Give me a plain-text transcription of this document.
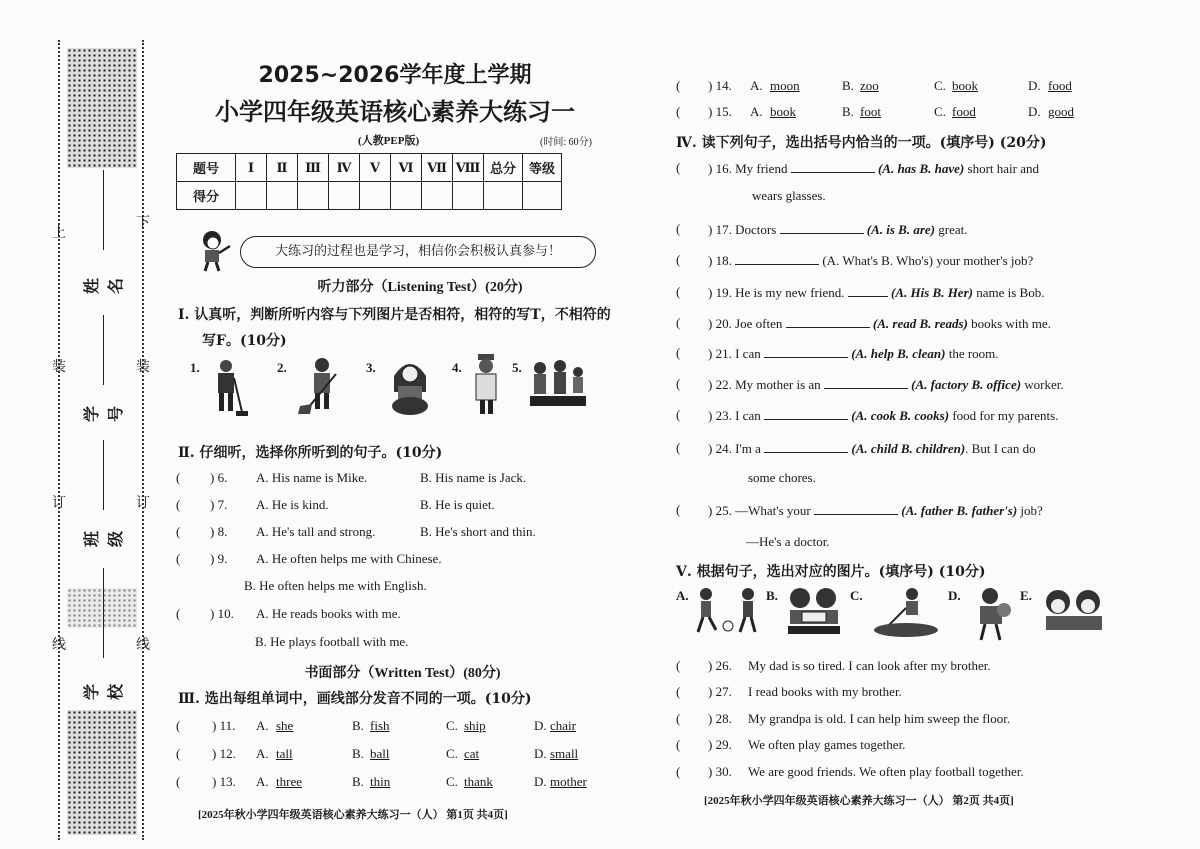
姓名
学号
班级
学校
上
下
装	装
订	订
线	线
2025~2026学年度上学期
小学四年级英语核心素养大练习一
(人教PEP版)	(时间: 60分)
题号	Ⅰ	Ⅱ	Ⅲ	Ⅳ	Ⅴ	Ⅵ	Ⅶ	Ⅷ	总分	等级
得分										
大练习的过程也是学习，相信你会积极认真参与！
听力部分（Listening Test）(20分)
Ⅰ. 认真听，判断所听内容与下列图片是否相符，相符的写T，不相符的
写F。(10分)
1.	2.	3.	4.	5.
Ⅱ. 仔细听，选择你所听到的句子。(10分)
( ) 6. A. His name is Mike.	B. His name is Jack.
( ) 7. A. He is kind.	B. He is quiet.
( ) 8. A. He's tall and strong.	B. He's short and thin.
( ) 9. A. He often helps me with Chinese.
B. He often helps me with English.
( ) 10. A. He reads books with me.
B. He plays football with me.
书面部分（Written Test）(80分)
Ⅲ. 选出每组单词中，画线部分发音不同的一项。(10分)
( ) 11. A. she	B. fish	C. ship	D. chair
( ) 12. A. tall	B. ball	C. cat	D. small
( ) 13. A. three	B. thin	C. thank	D. mother
[2025年秋小学四年级英语核心素养大练习一（人） 第1页 共4页]
( ) 14. A. moon	B. zoo	C. book	D. food
( ) 15. A. book	B. foot	C. food	D. good
Ⅳ. 读下列句子，选出括号内恰当的一项。(填序号) (20分)
( ) 16. My friend	(A. has B. have) short hair and
wears glasses.
( ) 17. Doctors	(A. is B. are) great.
( ) 18.	(A. What's B. Who's) your mother's job?
( ) 19. He is my new friend.	(A. His B. Her) name is Bob.
( ) 20. Joe often	(A. read B. reads) books with me.
( ) 21. I can	(A. help B. clean) the room.
( ) 22. My mother is an	(A. factory B. office) worker.
( ) 23. I can	(A. cook B. cooks) food for my parents.
( ) 24. I'm a	(A. child B. children). But I can do
some chores.
( ) 25. —What's your	(A. father B. father's) job?
—He's a doctor.
Ⅴ. 根据句子，选出对应的图片。(填序号) (10分)
A.	B.	C.	D.	E.
( ) 26. My dad is so tired. I can look after my brother.
( ) 27. I read books with my brother.
( ) 28. My grandpa is old. I can help him sweep the floor.
( ) 29. We often play games together.
( ) 30. We are good friends. We often play football together.
[2025年秋小学四年级英语核心素养大练习一（人） 第2页 共4页]
